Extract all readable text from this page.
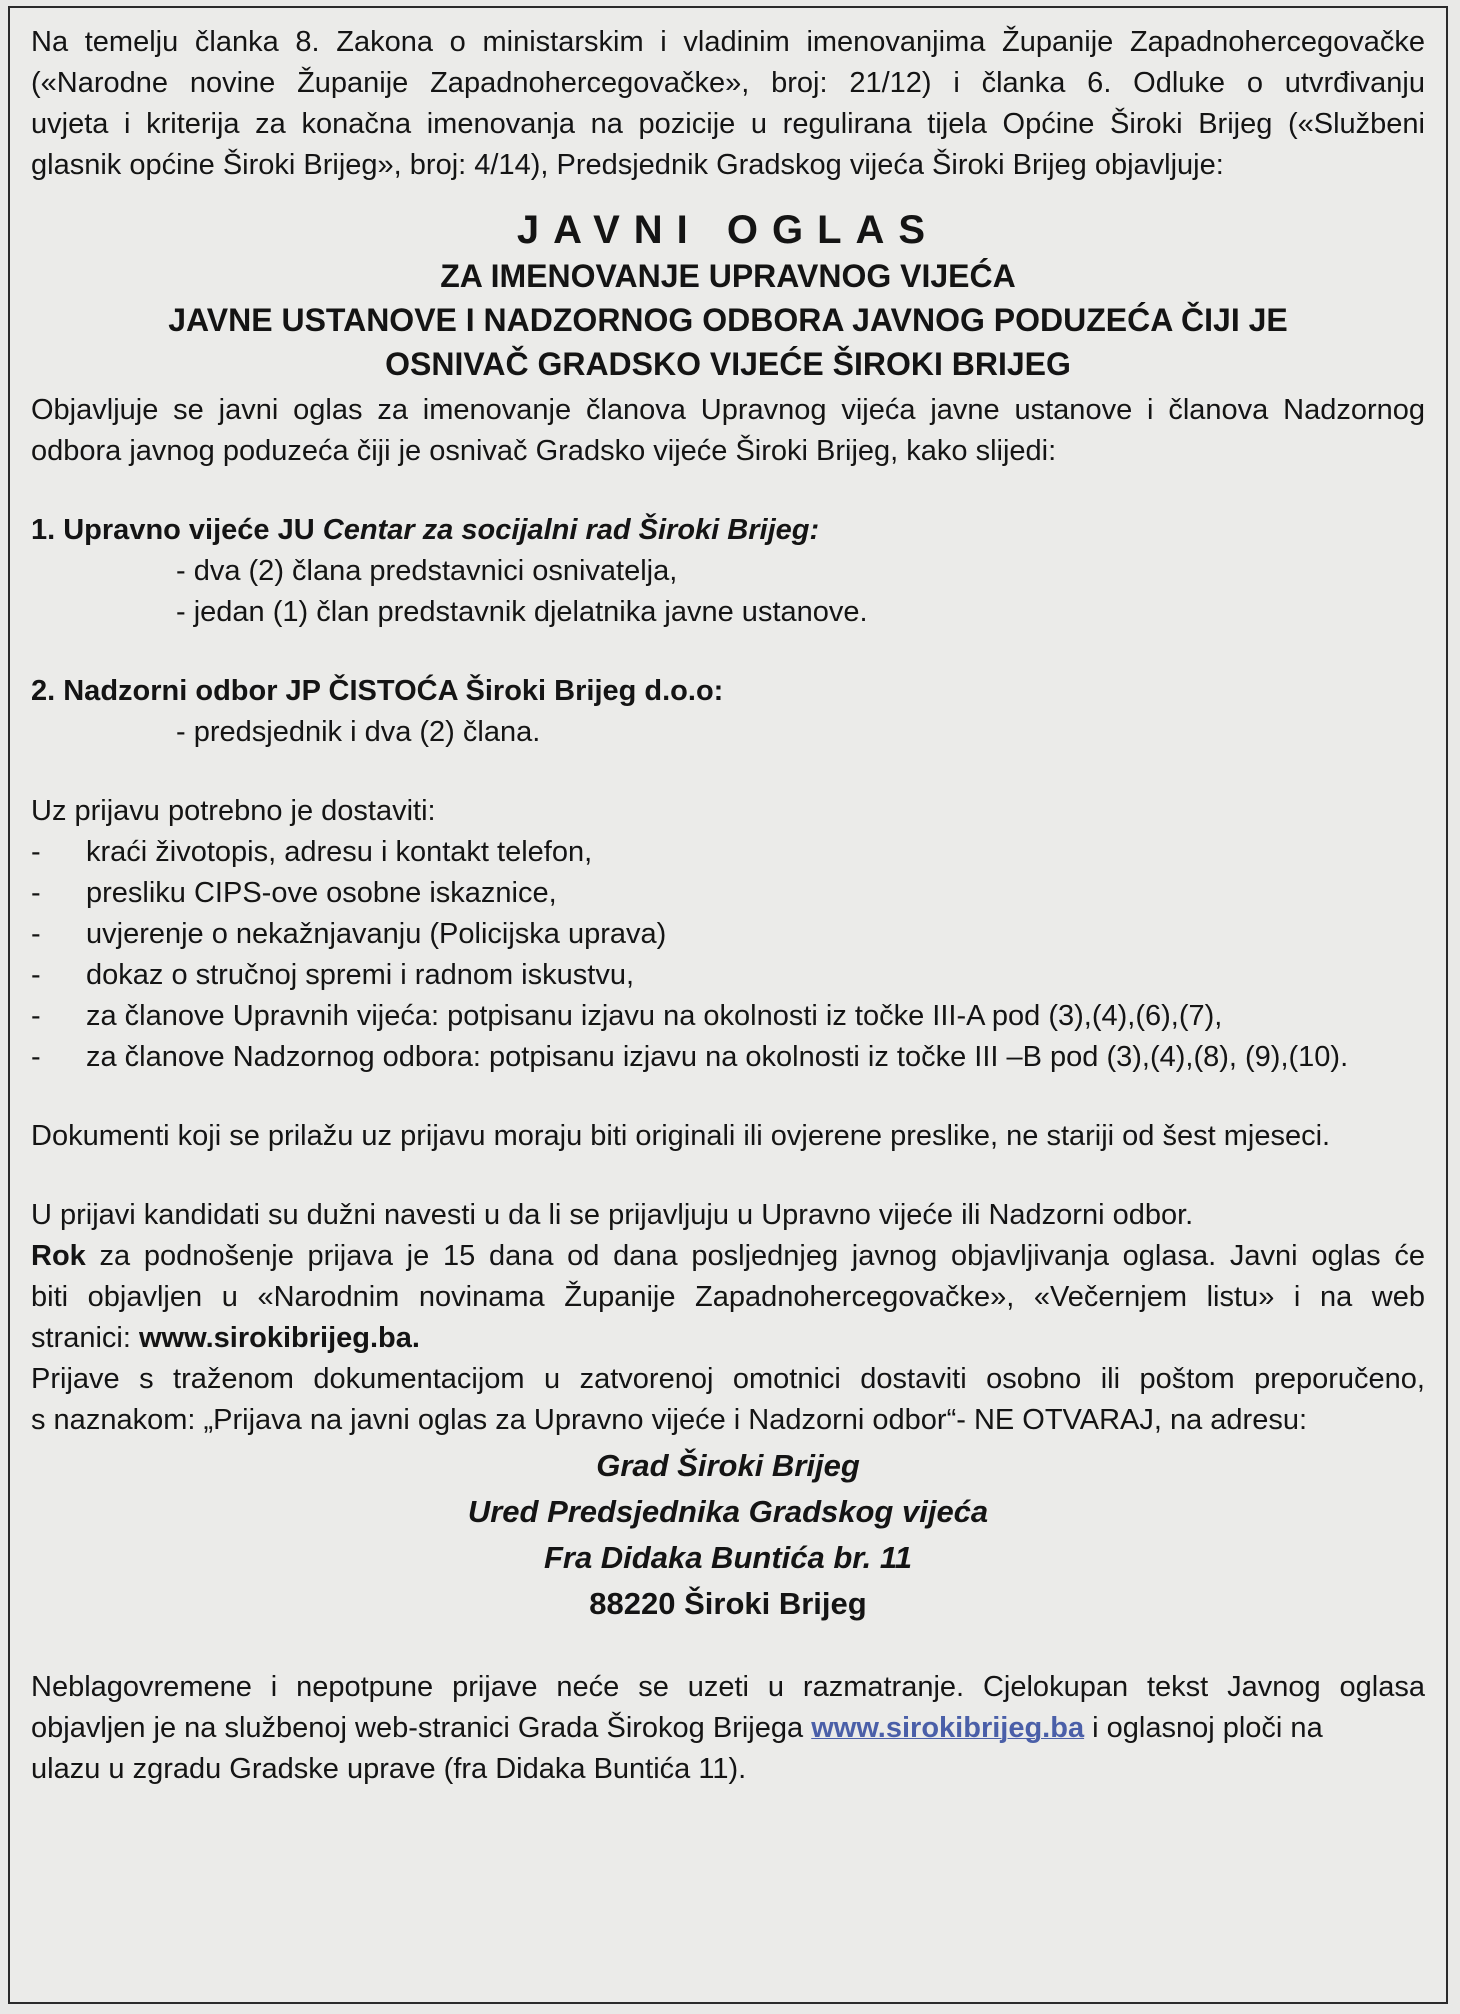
Na temelju članka 8. Zakona o ministarskim i vladinim imenovanjima Županije Zapadnohercegovačke

(«Narodne novine Županije Zapadnohercegovačke», broj: 21/12) i članka 6. Odluke o utvrđivanju

uvjeta i kriterija za konačna imenovanja na pozicije u regulirana tijela Općine Široki Brijeg («Službeni

glasnik općine Široki Brijeg», broj: 4/14), Predsjednik Gradskog vijeća Široki Brijeg objavljuje:

JAVNI OGLAS

ZA IMENOVANJE UPRAVNOG VIJEĆA

JAVNE USTANOVE I NADZORNOG ODBORA JAVNOG PODUZEĆA ČIJI JE

OSNIVAČ GRADSKO VIJEĆE ŠIROKI BRIJEG

Objavljuje se javni oglas za imenovanje članova Upravnog vijeća javne ustanove i članova Nadzornog

odbora javnog poduzeća čiji je osnivač Gradsko vijeće Široki Brijeg, kako slijedi:

1. Upravno vijeće JU Centar za socijalni rad Široki Brijeg:

- dva (2) člana predstavnici osnivatelja,

- jedan (1) član predstavnik djelatnika javne ustanove.

2. Nadzorni odbor JP ČISTOĆA Široki Brijeg d.o.o:

- predsjednik i dva (2) člana.

Uz prijavu potrebno je dostaviti:

-	kraći životopis, adresu i kontakt telefon,
-	presliku CIPS-ove osobne iskaznice,
-	uvjerenje o nekažnjavanju (Policijska uprava)
-	dokaz o stručnoj spremi i radnom iskustvu,
-	za članove Upravnih vijeća: potpisanu izjavu na okolnosti iz točke III-A pod (3),(4),(6),(7),
-	za članove Nadzornog odbora: potpisanu izjavu na okolnosti iz točke III –B pod (3),(4),(8), (9),(10).

Dokumenti koji se prilažu uz prijavu moraju biti originali ili ovjerene preslike, ne stariji od šest mjeseci.

U prijavi kandidati su dužni navesti u da li se prijavljuju u Upravno vijeće ili Nadzorni odbor.

Rok za podnošenje prijava je 15 dana od dana posljednjeg javnog objavljivanja oglasa. Javni oglas će

biti objavljen u «Narodnim novinama Županije Zapadnohercegovačke», «Večernjem listu» i na web

stranici: www.sirokibrijeg.ba.

Prijave s traženom dokumentacijom u zatvorenoj omotnici dostaviti osobno ili poštom preporučeno,

s naznakom: „Prijava na javni oglas za Upravno vijeće i Nadzorni odbor“- NE OTVARAJ, na adresu:

Grad Široki Brijeg

Ured Predsjednika Gradskog vijeća

Fra Didaka Buntića br. 11

88220 Široki Brijeg

Neblagovremene i nepotpune prijave neće se uzeti u razmatranje. Cjelokupan tekst Javnog oglasa

objavljen je na službenoj web-stranici Grada Širokog Brijega www.sirokibrijeg.ba i oglasnoj ploči na

ulazu u zgradu Gradske uprave (fra Didaka Buntića 11).
